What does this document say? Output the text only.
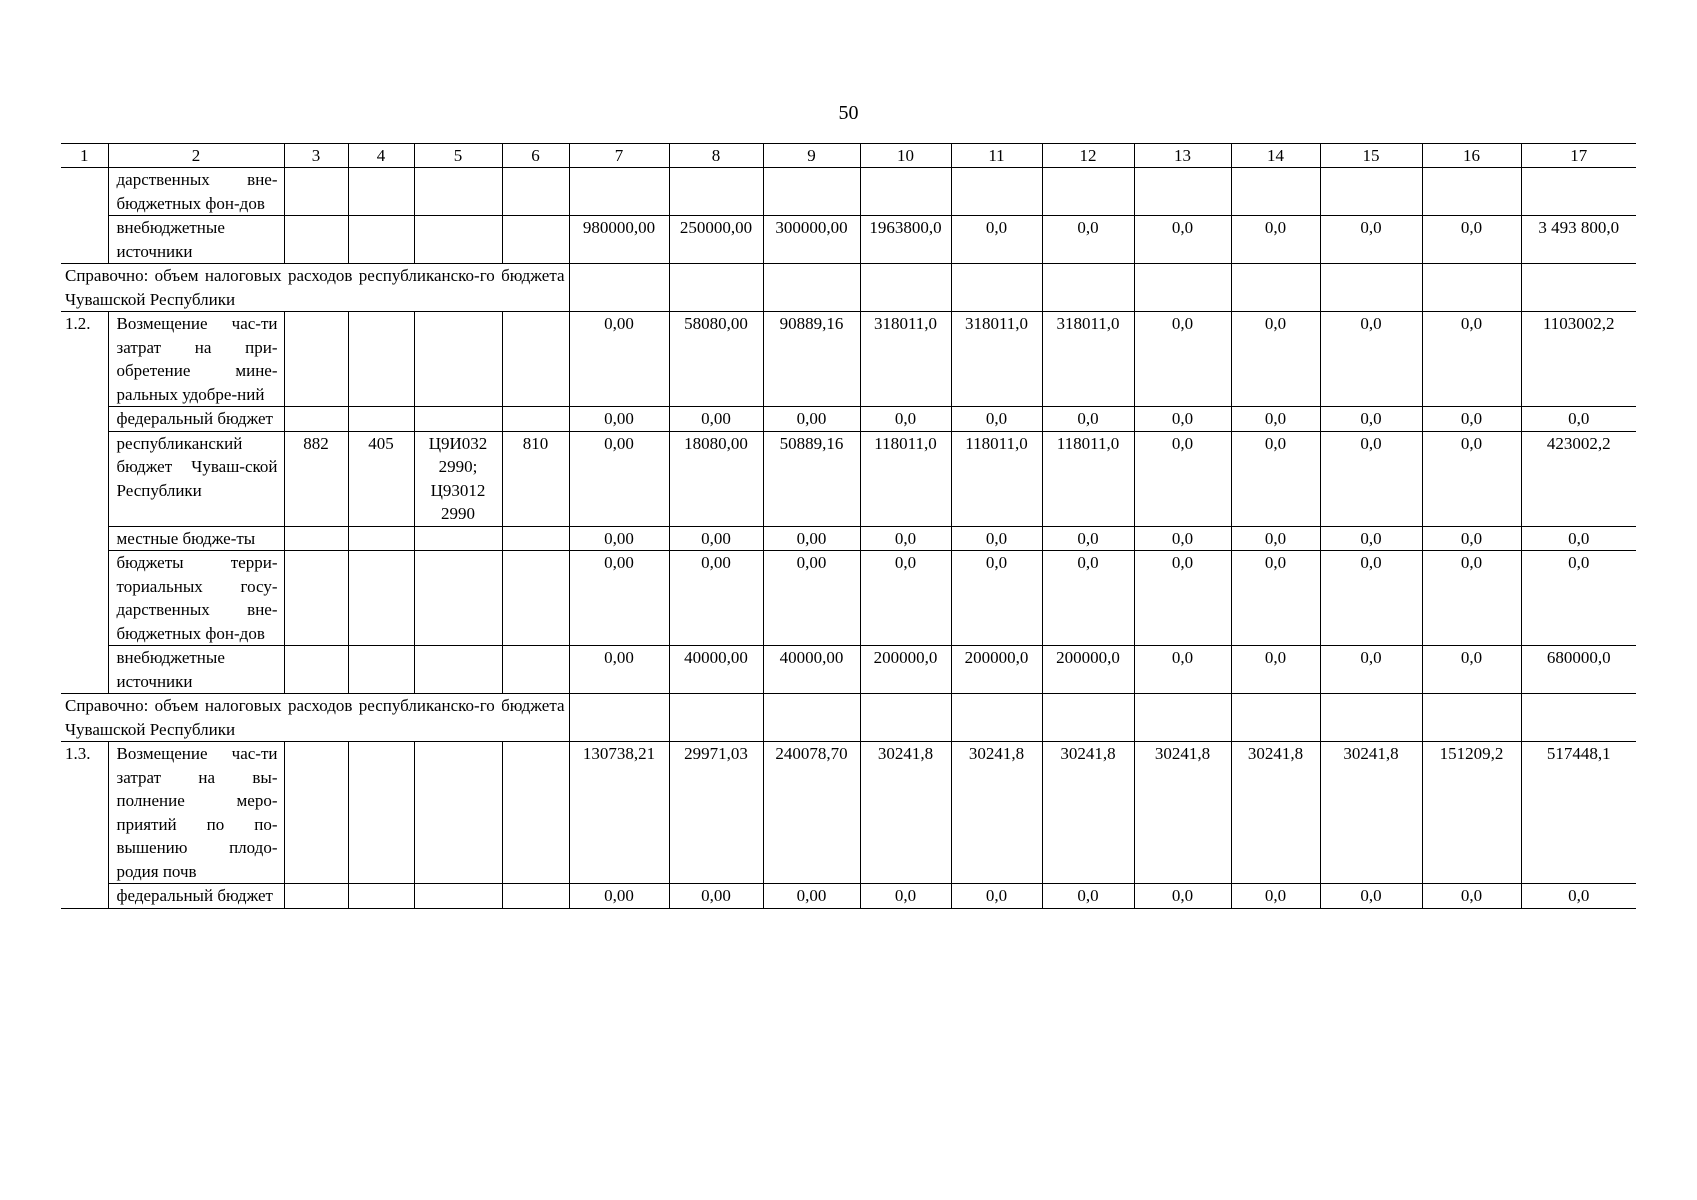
50
1	2	3	4	5	6	7	8	9	10	11	12	13	14	15	16	17
	дарственных вне-бюджетных фон-дов															
	внебюджетные источники					980000,00	250000,00	300000,00	1963800,0	0,0	0,0	0,0	0,0	0,0	0,0	3 493 800,0
Справочно: объем налоговых расходов республиканско-го бюджета Чувашской Республики																
1.2.	Возмещение час-ти затрат на при-обретение мине-ральных удобре-ний					0,00	58080,00	90889,16	318011,0	318011,0	318011,0	0,0	0,0	0,0	0,0	1103002,2
	федеральный бюджет					0,00	0,00	0,00	0,0	0,0	0,0	0,0	0,0	0,0	0,0	0,0
	республиканский бюджет Чуваш-ской Республики	882	405	Ц9И032 2990; Ц93012 2990	810	0,00	18080,00	50889,16	118011,0	118011,0	118011,0	0,0	0,0	0,0	0,0	423002,2
	местные бюдже-ты					0,00	0,00	0,00	0,0	0,0	0,0	0,0	0,0	0,0	0,0	0,0
	бюджеты терри-ториальных госу-дарственных вне-бюджетных фон-дов					0,00	0,00	0,00	0,0	0,0	0,0	0,0	0,0	0,0	0,0	0,0
	внебюджетные источники					0,00	40000,00	40000,00	200000,0	200000,0	200000,0	0,0	0,0	0,0	0,0	680000,0
Справочно: объем налоговых расходов республиканско-го бюджета Чувашской Республики																
1.3.	Возмещение час-ти затрат на вы-полнение меро-приятий по по-вышению плодо-родия почв					130738,21	29971,03	240078,70	30241,8	30241,8	30241,8	30241,8	30241,8	30241,8	151209,2	517448,1
	федеральный бюджет					0,00	0,00	0,00	0,0	0,0	0,0	0,0	0,0	0,0	0,0	0,0
